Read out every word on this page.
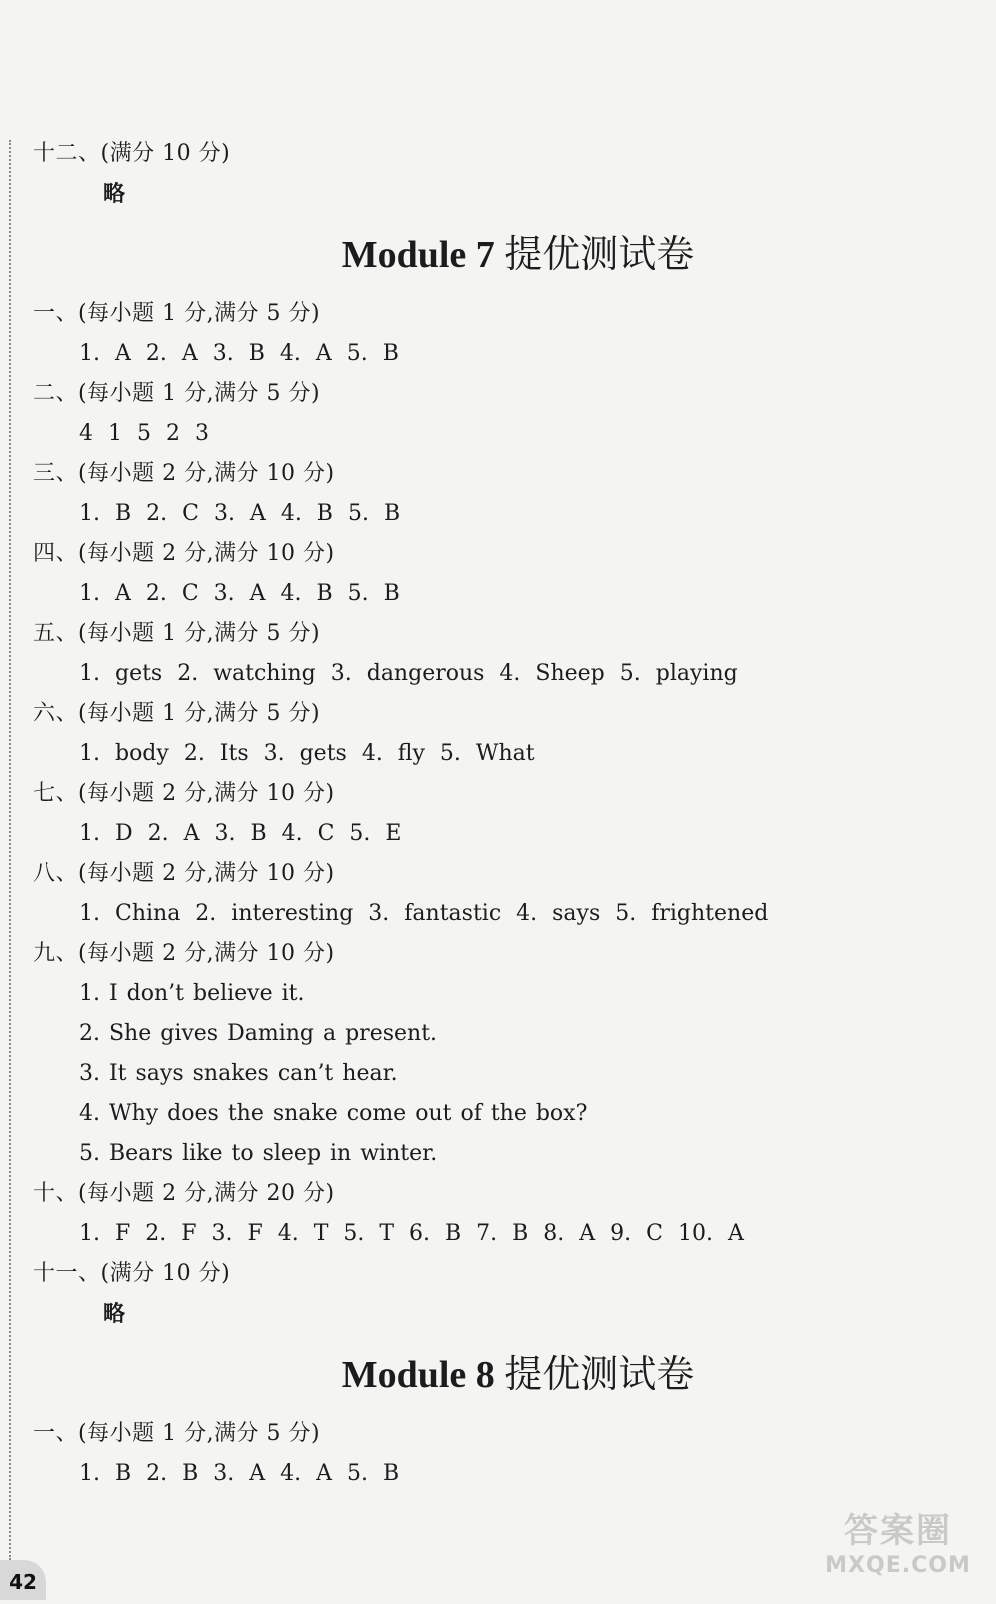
十二、(满分 10 分)
略
Module 7 提优测试卷
一、(每小题 1 分,满分 5 分)
1. A 2. A 3. B 4. A 5. B
二、(每小题 1 分,满分 5 分)
4 1 5 2 3
三、(每小题 2 分,满分 10 分)
1. B 2. C 3. A 4. B 5. B
四、(每小题 2 分,满分 10 分)
1. A 2. C 3. A 4. B 5. B
五、(每小题 1 分,满分 5 分)
1. gets 2. watching 3. dangerous 4. Sheep 5. playing
六、(每小题 1 分,满分 5 分)
1. body 2. Its 3. gets 4. fly 5. What
七、(每小题 2 分,满分 10 分)
1. D 2. A 3. B 4. C 5. E
八、(每小题 2 分,满分 10 分)
1. China 2. interesting 3. fantastic 4. says 5. frightened
九、(每小题 2 分,满分 10 分)
1. I don’t believe it.
2. She gives Daming a present.
3. It says snakes can’t hear.
4. Why does the snake come out of the box?
5. Bears like to sleep in winter.
十、(每小题 2 分,满分 20 分)
1. F 2. F 3. F 4. T 5. T 6. B 7. B 8. A 9. C 10. A
十一、(满分 10 分)
略
Module 8 提优测试卷
一、(每小题 1 分,满分 5 分)
1. B 2. B 3. A 4. A 5. B
42
答案圈
MXQE.COM
